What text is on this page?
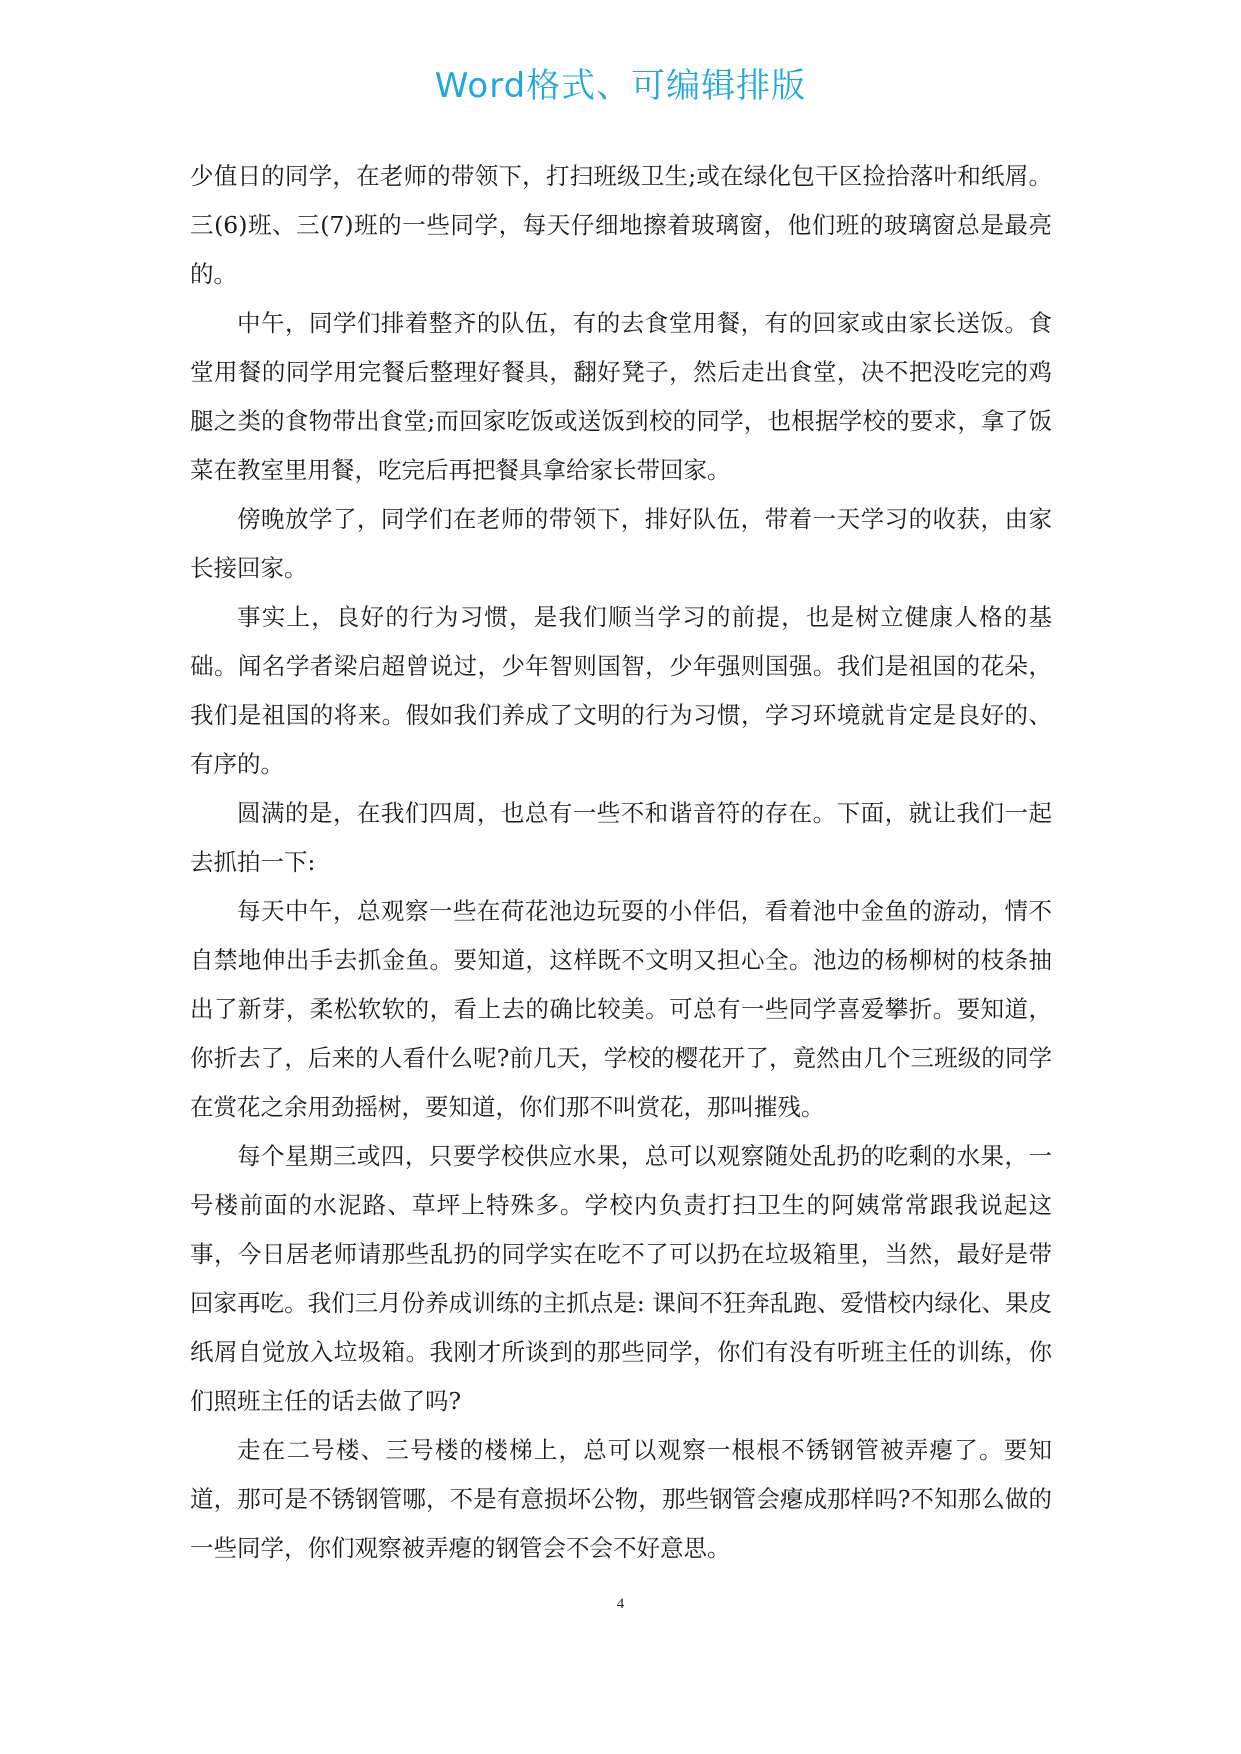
Word格式、可编辑排版

少值日的同学，在老师的带领下，打扫班级卫生;或在绿化包干区捡拾落叶和纸屑。三(6)班、三(7)班的一些同学，每天仔细地擦着玻璃窗，他们班的玻璃窗总是最亮的。

中午，同学们排着整齐的队伍，有的去食堂用餐，有的回家或由家长送饭。食堂用餐的同学用完餐后整理好餐具，翻好凳子，然后走出食堂，决不把没吃完的鸡腿之类的食物带出食堂;而回家吃饭或送饭到校的同学，也根据学校的要求，拿了饭菜在教室里用餐，吃完后再把餐具拿给家长带回家。

傍晚放学了，同学们在老师的带领下，排好队伍，带着一天学习的收获，由家长接回家。

事实上，良好的行为习惯，是我们顺当学习的前提，也是树立健康人格的基础。闻名学者梁启超曾说过，少年智则国智，少年强则国强。我们是祖国的花朵，我们是祖国的将来。假如我们养成了文明的行为习惯，学习环境就肯定是良好的、有序的。

圆满的是，在我们四周，也总有一些不和谐音符的存在。下面，就让我们一起去抓拍一下:

每天中午，总观察一些在荷花池边玩耍的小伴侣，看着池中金鱼的游动，情不自禁地伸出手去抓金鱼。要知道，这样既不文明又担心全。池边的杨柳树的枝条抽出了新芽，柔松软软的，看上去的确比较美。可总有一些同学喜爱攀折。要知道，你折去了，后来的人看什么呢?前几天，学校的樱花开了，竟然由几个三班级的同学在赏花之余用劲摇树，要知道，你们那不叫赏花，那叫摧残。

每个星期三或四，只要学校供应水果，总可以观察随处乱扔的吃剩的水果，一号楼前面的水泥路、草坪上特殊多。学校内负责打扫卫生的阿姨常常跟我说起这事，今日居老师请那些乱扔的同学实在吃不了可以扔在垃圾箱里，当然，最好是带回家再吃。我们三月份养成训练的主抓点是: 课间不狂奔乱跑、爱惜校内绿化、果皮纸屑自觉放入垃圾箱。我刚才所谈到的那些同学，你们有没有听班主任的训练，你们照班主任的话去做了吗?

走在二号楼、三号楼的楼梯上，总可以观察一根根不锈钢管被弄瘪了。要知道，那可是不锈钢管哪，不是有意损坏公物，那些钢管会瘪成那样吗?不知那么做的一些同学，你们观察被弄瘪的钢管会不会不好意思。

4
